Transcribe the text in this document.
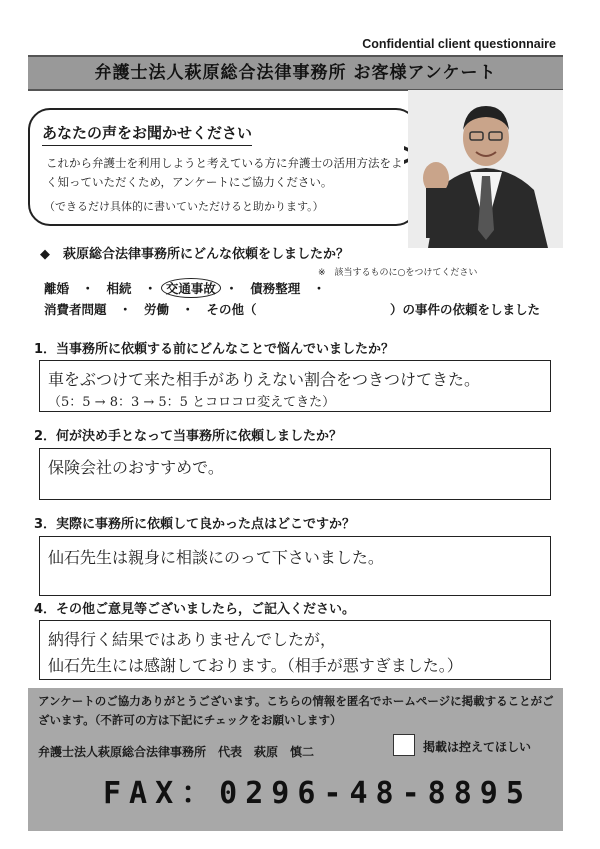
Confidential client questionnaire
弁護士法人萩原総合法律事務所 お客様アンケート
あなたの声をお聞かせください
これから弁護士を利用しようと考えている方に弁護士の活用方法をよく知っていただくため，アンケートにご協力ください。
（できるだけ具体的に書いていただけると助かります。）
◆　萩原総合法律事務所にどんな依頼をしましたか？
※　該当するものに○をつけてください
離婚　・　相続　・ 交通事故 ・　債務整理　・
消費者問題　・　労働　・　その他（	）の事件の依頼をしました
1．当事務所に依頼する前にどんなことで悩んでいましたか？
車をぶつけて来た相手がありえない割合をつきつけてきた。
（5：5 → 8：3 → 5：5 とコロコロ変えてきた）
2．何が決め手となって当事務所に依頼しましたか？
保険会社のおすすめで。
3．実際に事務所に依頼して良かった点はどこですか？
仙石先生は親身に相談にのって下さいました。
4．その他ご意見等ございましたら，ご記入ください。
納得行く結果ではありませんでしたが，
仙石先生には感謝しております。（相手が悪すぎました。）
アンケートのご協力ありがとうございます。こちらの情報を匿名でホームページに掲載することがございます。（不許可の方は下記にチェックをお願いします）
弁護士法人萩原総合法律事務所　代表　萩原　慎二	掲載は控えてほしい
FAX：0296-48-8895
